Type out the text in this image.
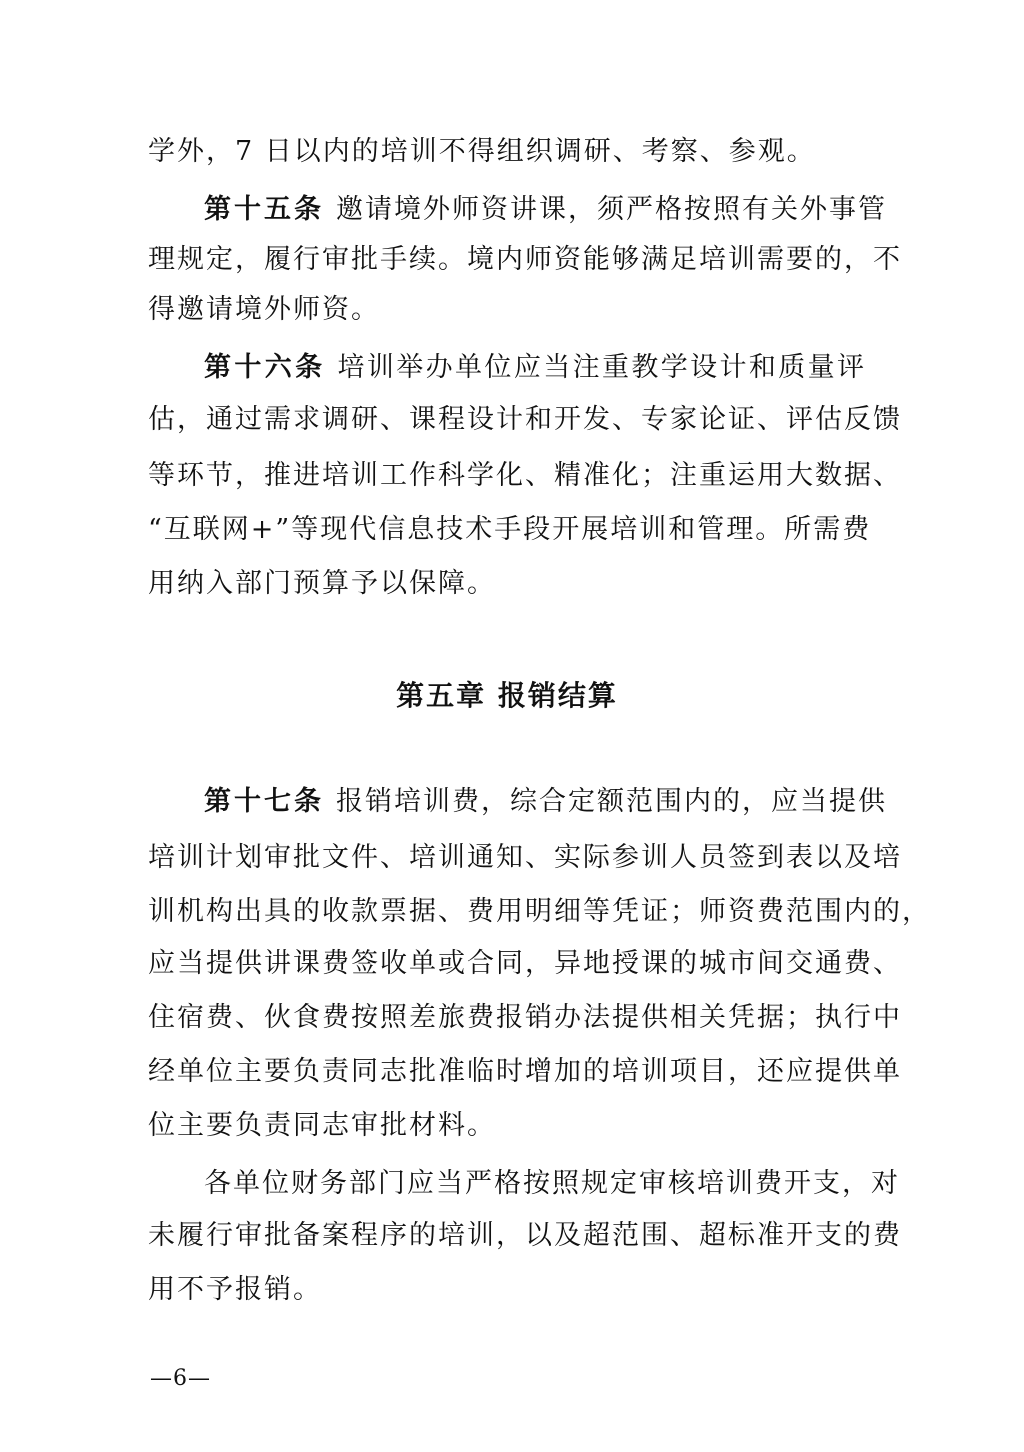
学外，7 日以内的培训不得组织调研、考察、参观。
第十五条 邀请境外师资讲课，须严格按照有关外事管
理规定，履行审批手续。境内师资能够满足培训需要的，不
得邀请境外师资。
第十六条 培训举办单位应当注重教学设计和质量评
估，通过需求调研、课程设计和开发、专家论证、评估反馈
等环节，推进培训工作科学化、精准化；注重运用大数据、
“互联网+”等现代信息技术手段开展培训和管理。所需费
用纳入部门预算予以保障。
第五章 报销结算
第十七条 报销培训费，综合定额范围内的，应当提供
培训计划审批文件、培训通知、实际参训人员签到表以及培
训机构出具的收款票据、费用明细等凭证；师资费范围内的，
应当提供讲课费签收单或合同，异地授课的城市间交通费、
住宿费、伙食费按照差旅费报销办法提供相关凭据；执行中
经单位主要负责同志批准临时增加的培训项目，还应提供单
位主要负责同志审批材料。
各单位财务部门应当严格按照规定审核培训费开支，对
未履行审批备案程序的培训，以及超范围、超标准开支的费
用不予报销。
—6—
